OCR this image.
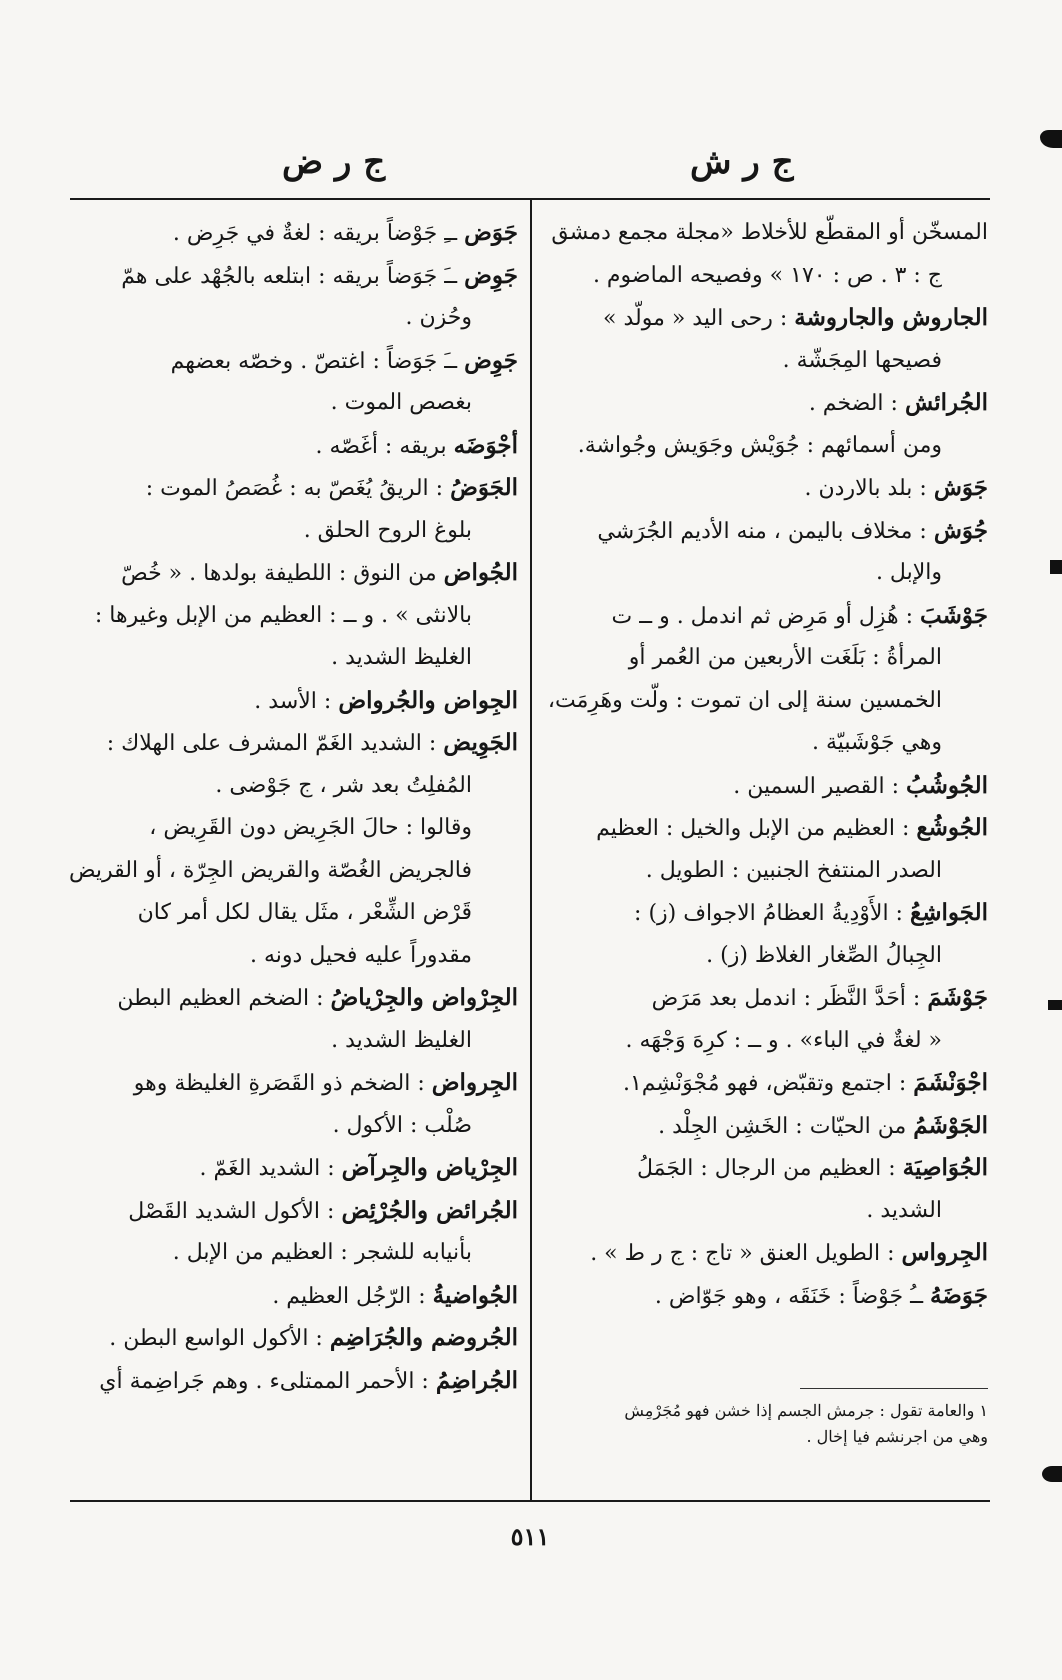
ج ر ش
ج ر ض
المسخّن أو المقطّع للأخلاط «مجلة مجمع دمشق
ج : ٣ . ص : ١٧٠ » وفصيحه الماضوم .
الجاروش والجاروشة : رحى اليد « مولّد »
فصيحها المِجَشّة .
الجُرائش : الضخم .
ومن أسمائهم : جُوَيْش وجَوَيش وجُواشة.
جَوَش : بلد بالاردن .
جُوَش : مخلاف باليمن ، منه الأديم الجُرَشي
والإبل .
جَوْشَبَ : هُزِل أو مَرِض ثم اندمل . و ــ ت
المرأةُ : بَلَغَت الأربعين من العُمر أو
الخمسين سنة إلى ان تموت : ولّت وهَرِمَت،
وهي جَوْشَبيّة .
الجُوشُبُ : القصير السمين .
الجُوشُع : العظيم من الإبل والخيل : العظيم
الصدر المنتفخ الجنبين : الطويل .
الجَواشِعُ : الأَوْدِيةُ العظامُ الاجواف (ز) :
الجِبالُ الصِّغار الغلاظ (ز) .
جَوْشَمَ : أحَدَّ النَّظَر : اندمل بعد مَرَض
« لغةٌ في الباء» . و ــ : كرِهَ وَجْهَه .
اجْوَنْشَمَ : اجتمع وتقبّض، فهو مُجْوَنْشِم١.
الجَوْشَمُ من الحيّات : الخَشِن الجِلْد .
الجُوَاصِيَة : العظيم من الرجال : الجَمَلُ
الشديد .
الجِرواس : الطويل العنق « تاج : ج ر ط » .
جَوَضَهُ ــُ جَوْضاً : خَنَقَه ، وهو جَوّاض .
جَوَض ــِ جَوْضاً بريقه : لغةٌ في جَرِض .
جَوِض ــَ جَوَضاً بريقه : ابتلعه بالجُهْد على همّ
وحُزن .
جَوِض ــَ جَوَضاً : اغتصّ . وخصّه بعضهم
بغصص الموت .
أجْوَضَه بريقه : أغَصّه .
الجَوَضُ : الريقُ يُغَصّ به : غُصَصُ الموت :
بلوغ الروح الحلق .
الجُواض من النوق : اللطيفة بولدها . « خُصّ
بالانثى » . و ــ : العظيم من الإبل وغيرها :
الغليظ الشديد .
الجِواض والجُرواض : الأسد .
الجَوِيض : الشديد الغَمّ المشرف على الهلاك :
المُفلِتُ بعد شر ، ج جَوْضى .
وقالوا : حالَ الجَرِيض دون القَرِيض ،
فالجريض الغُصّة والقريض الجِرّة ، أو القريض
قَرْض الشِّعْر ، مثَل يقال لكل أمر كان
مقدوراً عليه فحيل دونه .
الجِرْواض والجِرْياضُ : الضخم العظيم البطن
الغليظ الشديد .
الجِرواض : الضخم ذو القَصَرةِ الغليظة وهو
صُلْب : الأكول .
الجِرْياض والجِرآض : الشديد الغَمّ .
الجُرائض والجُرْئِض : الأكول الشديد القَصْل
بأنيابه للشجر : العظيم من الإبل .
الجُواضيةُ : الرّجُل العظيم .
الجُروضم والجُرَاضِم : الأكول الواسع البطن .
الجُراضِمُ : الأحمر الممتلىء . وهم جَراضِمة أي
١ والعامة تقول : جرمش الجسم إذا خشن فهو مُجَرْمِش
وهي من اجرنشم فيا إخال .
٥١١
